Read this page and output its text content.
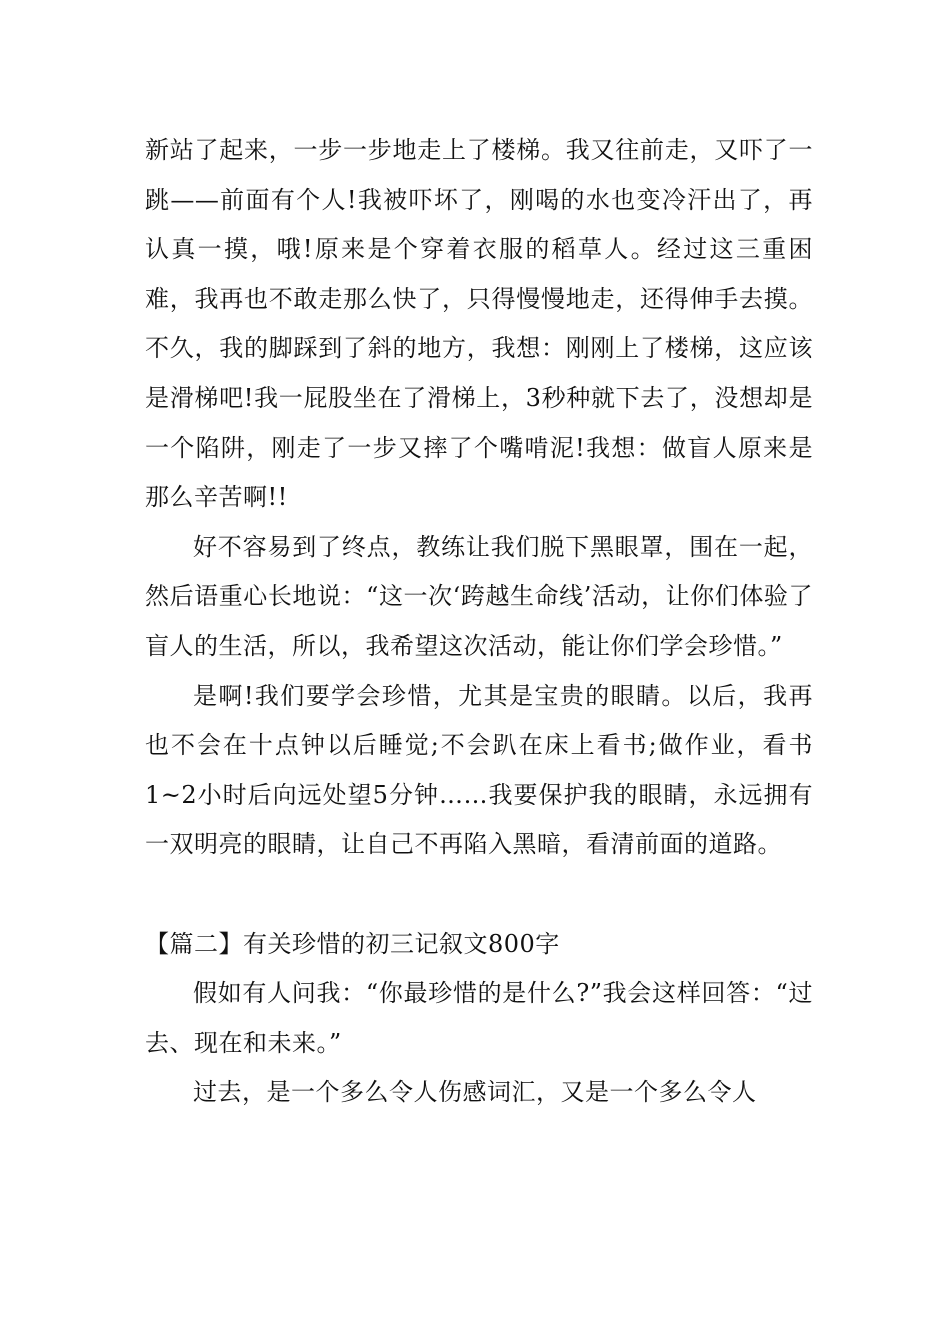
新站了起来，一步一步地走上了楼梯。我又往前走，又吓了一跳——前面有个人!我被吓坏了，刚喝的水也变冷汗出了，再认真一摸，哦!原来是个穿着衣服的稻草人。经过这三重困难，我再也不敢走那么快了，只得慢慢地走，还得伸手去摸。不久，我的脚踩到了斜的地方，我想：刚刚上了楼梯，这应该是滑梯吧!我一屁股坐在了滑梯上，3秒种就下去了，没想却是一个陷阱，刚走了一步又摔了个嘴啃泥!我想：做盲人原来是那么辛苦啊!!

好不容易到了终点，教练让我们脱下黑眼罩，围在一起，然后语重心长地说：“这一次‘跨越生命线’活动，让你们体验了盲人的生活，所以，我希望这次活动，能让你们学会珍惜。”

是啊!我们要学会珍惜，尤其是宝贵的眼睛。以后，我再也不会在十点钟以后睡觉;不会趴在床上看书;做作业，看书1~2小时后向远处望5分钟……我要保护我的眼睛，永远拥有一双明亮的眼睛，让自己不再陷入黑暗，看清前面的道路。

【篇二】有关珍惜的初三记叙文800字

假如有人问我：“你最珍惜的是什么?”我会这样回答：“过去、现在和未来。”

过去，是一个多么令人伤感词汇，又是一个多么令人
